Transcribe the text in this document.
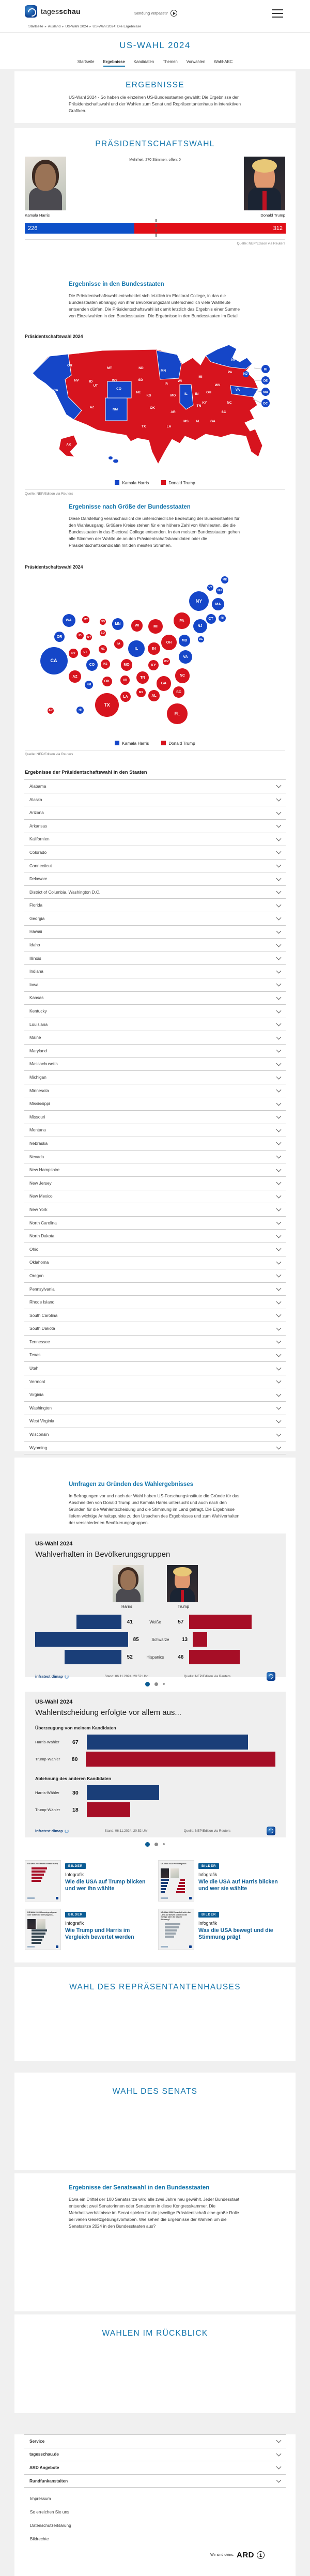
tagesschau	Sendung verpasst?
Startseite ▸ Ausland ▸ US-Wahl 2024 ▸ US-Wahl 2024: Die Ergebnisse
US-WAHL 2024
Startseite Ergebnisse Kandidaten Themen Vorwahlen Wahl-ABC
ERGEBNISSE
US-Wahl 2024 - So haben die einzelnen US-Bundesstaaten gewählt: Die Ergebnisse der Präsidentschaftswahl und der Wahlen zum Senat und Repräsentantenhaus in interaktiven Grafiken.
PRÄSIDENTSCHAFTSWAHL
Mehrheit: 270 Stimmen, offen: 0
Kamala Harris	Donald Trump
226	312
Quelle: NEP/Edison via Reuters
Ergebnisse in den Bundesstaaten
Die Präsidentschaftswahl entscheidet sich letztlich im Electoral College, in das die Bundesstaaten abhängig von ihrer Bevölkerungszahl unterschiedlich viele Wahlleute entsenden dürfen. Die Präsidentschaftswahl ist damit letztlich das Ergebnis einer Summe von Einzelwahlen in den Bundesstaaten. Die Ergebnisse in den Bundesstaaten im Detail.
Präsidentschaftswahl 2024
RI
DE
MD
DC
WA
OR
CA
NV	ID
MT
WY
UT
AZ
NM
CO
ND
SD
NE
KS
OK
TX
MN
IA
MO
AR
LA
WI
IL
MI
IN OH
KY
TN
MS AL	GA
FL
SC
NC
VA
WV
PA
NY
ME
VT
NH
MA
NJ
AK
HI
Kamala Harris	Donald Trump
Quelle: NEP/Edison via Reuters
Ergebnisse nach Größe der Bundesstaaten
Diese Darstellung veranschaulicht die unterschiedliche Bedeutung der Bundesstaaten für den Wahlausgang. Größere Kreise stehen für eine höhere Zahl von Wahlleuten, die die Bundesstaaten in das Electoral College entsenden. In den meisten Bundesstaaten gehen alle Stimmen der Wahlleute an den Präsidentschaftskandidaten oder die Präsidentschaftskandidatin mit den meisten Stimmen.
Präsidentschaftswahl 2024
ME
VT
NH
NY
MA
CT	RI
WA	MT
ND
MN	WI	MI
PA
NJ
OR	ID	WY
SD
IA
IL	IN
OH
MD	DE
NE
NV	UT
CA
CO	KS	MO	KY
WV
VA
AZ
NM
OK	AR
TN
NC
GA
SC
MS
AL
LA
TX
FL
AK	HI
Kamala Harris	Donald Trump
Quelle: NEP/Edison via Reuters
Ergebnisse der Präsidentschaftswahl in den Staaten
Alabama
Alaska
Arizona
Arkansas
Kalifornien
Colorado
Connecticut
Delaware
District of Columbia, Washington D.C.
Florida
Georgia
Hawaii
Idaho
Illinois
Indiana
Iowa
Kansas
Kentucky
Louisiana
Maine
Maryland
Massachusetts
Michigan
Minnesota
Mississippi
Missouri
Montana
Nebraska
Nevada
New Hampshire
New Jersey
New Mexico
New York
North Carolina
North Dakota
Ohio
Oklahoma
Oregon
Pennsylvania
Rhode Island
South Carolina
South Dakota
Tennessee
Texas
Utah
Vermont
Virginia
Washington
West Virginia
Wisconsin
Wyoming
Umfragen zu Gründen des Wahlergebnisses
In Befragungen vor und nach der Wahl haben US-Forschungsinstitute die Gründe für das Abschneiden von Donald Trump und Kamala Harris untersucht und auch nach den Gründen für die Wahlentscheidung und die Stimmung im Land gefragt. Die Ergebnisse liefern wichtige Anhaltspunkte zu den Ursachen des Ergebnisses und zum Wahlverhalten der verschiedenen Bevölkerungsgruppen.
US-Wahl 2024
Wahlverhalten in Bevölkerungsgruppen
Harris	Trump
41	Weiße	57
85	Schwarze	13
52	Hispanics	46
infratest dimap	Stand: 06.11.2024, 20:52 Uhr	Quelle: NEP/Edison via Reuters
US-Wahl 2024
Wahlentscheidung erfolgte vor allem aus...
Überzeugung von meinem Kandidaten
Harris-Wähler	67
Trump-Wähler	80
Ablehnung des anderen Kandidaten
Harris-Wähler	30
Trump-Wähler	18
infratest dimap	Stand: 06.11.2024, 20:52 Uhr	Quelle: NEP/Edison via Reuters
US-Wahl 2024 Profil Donald Trump
BILDER
Infografik
Wie die USA auf Trump blicken und wer ihn wählte
US-Wahl 2024 Profilvergleich
BILDER
Infografik
Wie die USA auf Harris blicken und wer sie wählte
US-Wahl 2024 Überwiegend gute- oder schlechte Meinung von...	BILDER
Infografik
Wie Trump und Harris im Vergleich bewertet werden
US-Wahl 2024 Entwickelt sich das Land auf diesem Gebiet in die richtige oder die falsche Richtung?
BILDER
Infografik
Was die USA bewegt und die Stimmung prägt
WAHL DES REPRÄSENTANTENHAUSES
WAHL DES SENATS
Ergebnisse der Senatswahl in den Bundesstaaten
Etwa ein Drittel der 100 Senatssitze wird alle zwei Jahre neu gewählt. Jeder Bundesstaat entsendet zwei Senatorinnen oder Senatoren in diese Kongresskammer. Die Mehrheitsverhältnisse im Senat spielen für die jeweilige Präsidentschaft eine große Rolle bei vielen Gesetzgebungsvorhaben. Wie sehen die Ergebnisse der Wahlen um die Senatssitze 2024 in den Bundesstaaten aus?
WAHLEN IM RÜCKBLICK
Service
tagesschau.de
ARD Angebote
Rundfunkanstalten
Impressum
So erreichen Sie uns
Datenschutzerklärung
Bildrechte
Wir sind deins. ARD	1
